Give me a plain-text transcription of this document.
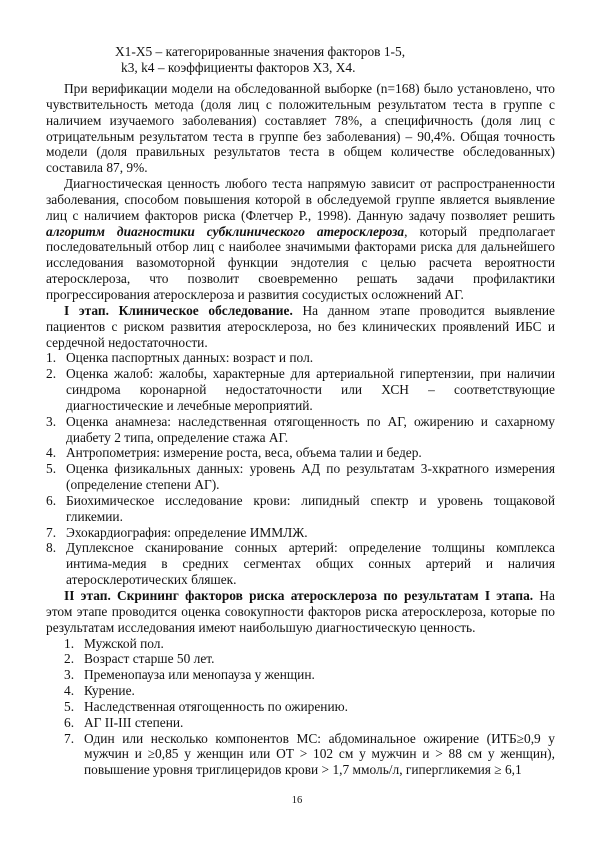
X1-X5 – категорированные значения факторов 1-5,
k3, k4 – коэффициенты факторов X3, X4.

При верификации модели на обследованной выборке (n=168) было установлено, что чувствительность метода (доля лиц с положительным результатом теста в группе с наличием изучаемого заболевания) составляет 78%, а специфичность (доля лиц с отрицательным результатом теста в группе без заболевания) – 90,4%. Общая точность модели (доля правильных результатов теста в общем количестве обследованных) составила 87, 9%.

Диагностическая ценность любого теста напрямую зависит от распространенности заболевания, способом повышения которой в обследуемой группе является выявление лиц с наличием факторов риска (Флетчер Р., 1998). Данную задачу позволяет решить алгоритм диагностики субклинического атеросклероза, который предполагает последовательный отбор лиц с наиболее значимыми факторами риска для дальнейшего исследования вазомоторной функции эндотелия с целью расчета вероятности атеросклероза, что позволит своевременно решать задачи профилактики прогрессирования атеросклероза и развития сосудистых осложнений АГ.

I этап. Клиническое обследование. На данном этапе проводится выявление пациентов с риском развития атеросклероза, но без клинических проявлений ИБС и сердечной недостаточности.

1. Оценка паспортных данных: возраст и пол.
2. Оценка жалоб: жалобы, характерные для артериальной гипертензии, при наличии синдрома коронарной недостаточности или ХСН – соответствующие диагностические и лечебные мероприятий.
3. Оценка анамнеза: наследственная отягощенность по АГ, ожирению и сахарному диабету 2 типа, определение стажа АГ.
4. Антропометрия: измерение роста, веса, объема талии и бедер.
5. Оценка физикальных данных: уровень АД по результатам 3-хкратного измерения (определение степени АГ).
6. Биохимическое исследование крови: липидный спектр и уровень тощаковой гликемии.
7. Эхокардиография: определение ИММЛЖ.
8. Дуплексное сканирование сонных артерий: определение толщины комплекса интима-медия в средних сегментах общих сонных артерий и наличия атеросклеротических бляшек.

II этап. Скрининг факторов риска атеросклероза по результатам I этапа. На этом этапе проводится оценка совокупности факторов риска атеросклероза, которые по результатам исследования имеют наибольшую диагностическую ценность.

1. Мужской пол.
2. Возраст старше 50 лет.
3. Пременопауза или менопауза у женщин.
4. Курение.
5. Наследственная отягощенность по ожирению.
6. АГ II-III степени.
7. Один или несколько компонентов МС: абдоминальное ожирение (ИТБ≥0,9 у мужчин и ≥0,85 у женщин или ОТ > 102 см у мужчин и > 88 см у женщин), повышение уровня триглицеридов крови > 1,7 ммоль/л, гипергликемия ≥ 6,1
16
